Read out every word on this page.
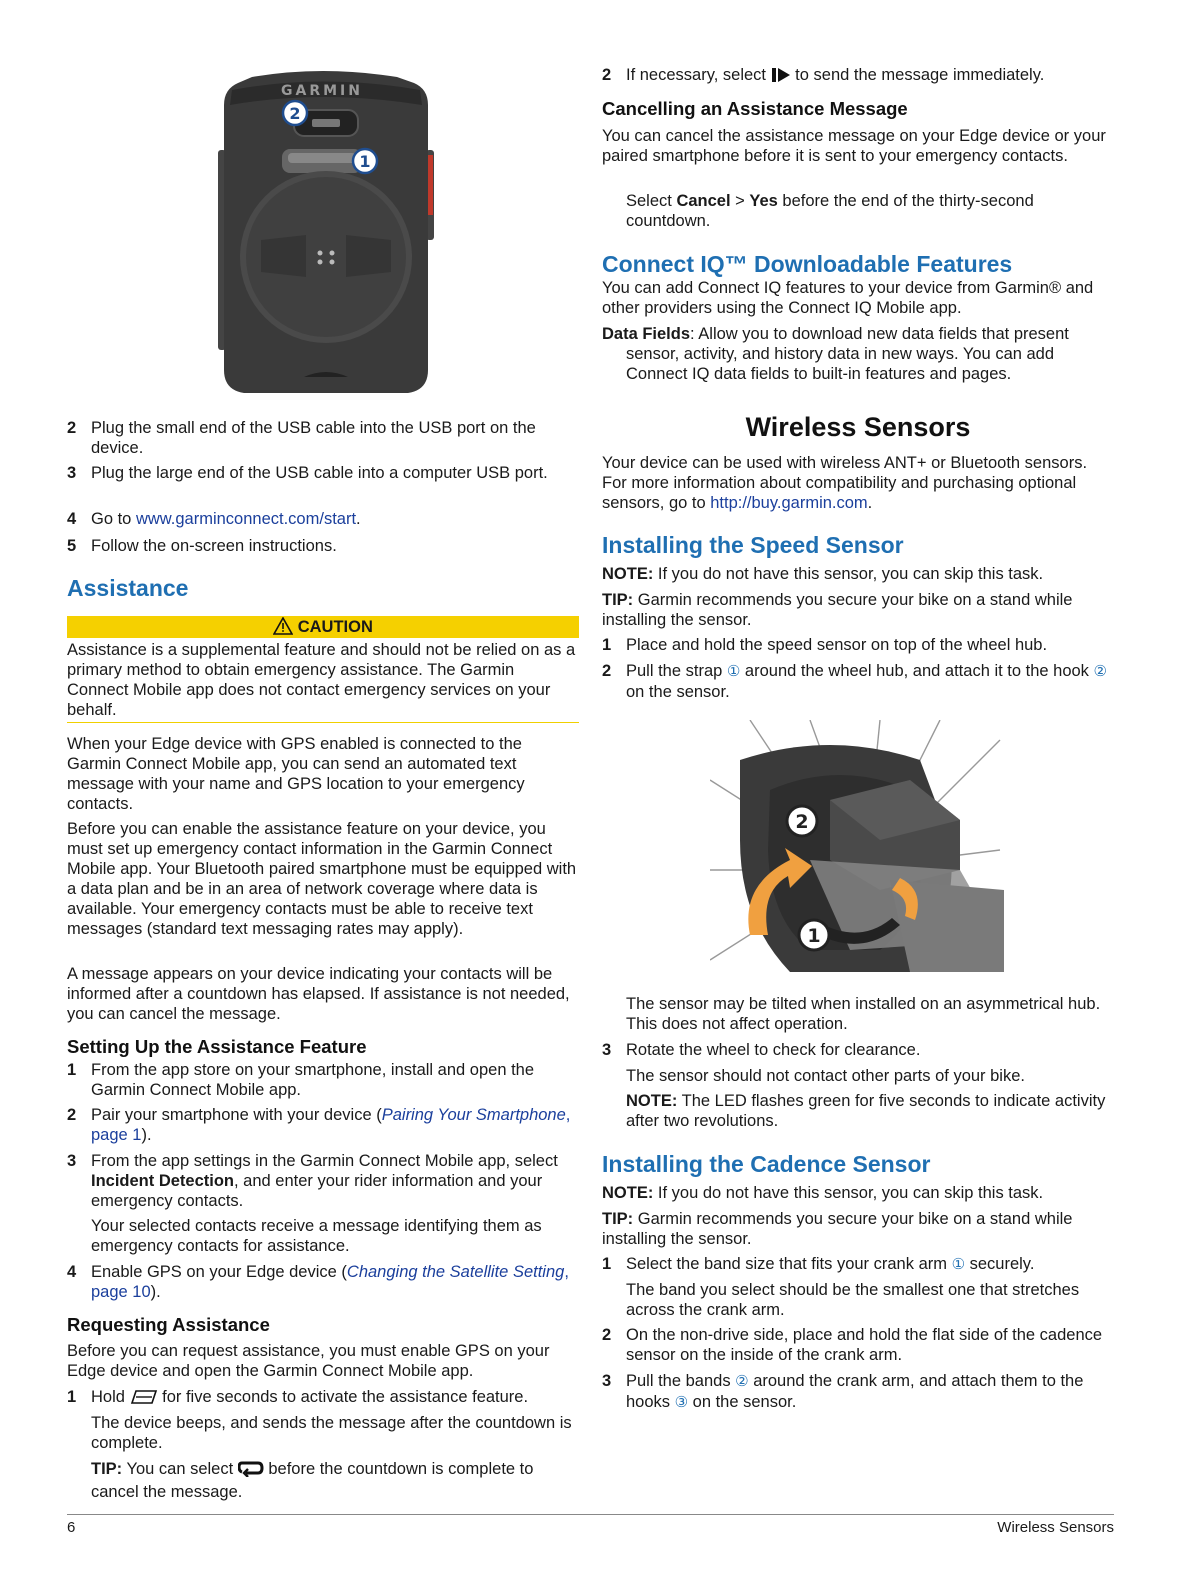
GARMIN
2
1
2 Plug the small end of the USB cable into the USB port on the device.
3 Plug the large end of the USB cable into a computer USB port.
4 Go to www.garminconnect.com/start.
5 Follow the on-screen instructions.
Assistance
CAUTION
Assistance is a supplemental feature and should not be relied on as a primary method to obtain emergency assistance. The Garmin Connect Mobile app does not contact emergency services on your behalf.
When your Edge device with GPS enabled is connected to the Garmin Connect Mobile app, you can send an automated text message with your name and GPS location to your emergency contacts.
Before you can enable the assistance feature on your device, you must set up emergency contact information in the Garmin Connect Mobile app. Your Bluetooth paired smartphone must be equipped with a data plan and be in an area of network coverage where data is available. Your emergency contacts must be able to receive text messages (standard text messaging rates may apply).
A message appears on your device indicating your contacts will be informed after a countdown has elapsed. If assistance is not needed, you can cancel the message.
Setting Up the Assistance Feature
1 From the app store on your smartphone, install and open the Garmin Connect Mobile app.
2 Pair your smartphone with your device (Pairing Your Smartphone, page 1).
3 From the app settings in the Garmin Connect Mobile app, select Incident Detection, and enter your rider information and your emergency contacts.
Your selected contacts receive a message identifying them as emergency contacts for assistance.
4 Enable GPS on your Edge device (Changing the Satellite Setting, page 10).
Requesting Assistance
Before you can request assistance, you must enable GPS on your Edge device and open the Garmin Connect Mobile app.
1 Hold  for five seconds to activate the assistance feature.
The device beeps, and sends the message after the countdown is complete.
TIP: You can select  before the countdown is complete to cancel the message.
2 If necessary, select  to send the message immediately.
Cancelling an Assistance Message
You can cancel the assistance message on your Edge device or your paired smartphone before it is sent to your emergency contacts.
Select Cancel > Yes before the end of the thirty-second countdown.
Connect IQ™ Downloadable Features
You can add Connect IQ features to your device from Garmin® and other providers using the Connect IQ Mobile app.
Data Fields: Allow you to download new data fields that present sensor, activity, and history data in new ways. You can add Connect IQ data fields to built-in features and pages.
Wireless Sensors
Your device can be used with wireless ANT+ or Bluetooth sensors. For more information about compatibility and purchasing optional sensors, go to http://buy.garmin.com.
Installing the Speed Sensor
NOTE: If you do not have this sensor, you can skip this task.
TIP: Garmin recommends you secure your bike on a stand while installing the sensor.
1 Place and hold the speed sensor on top of the wheel hub.
2 Pull the strap ① around the wheel hub, and attach it to the hook ② on the sensor.
2
1
The sensor may be tilted when installed on an asymmetrical hub. This does not affect operation.
3 Rotate the wheel to check for clearance.
The sensor should not contact other parts of your bike.
NOTE: The LED flashes green for five seconds to indicate activity after two revolutions.
Installing the Cadence Sensor
NOTE: If you do not have this sensor, you can skip this task.
TIP: Garmin recommends you secure your bike on a stand while installing the sensor.
1 Select the band size that fits your crank arm ① securely.
The band you select should be the smallest one that stretches across the crank arm.
2 On the non-drive side, place and hold the flat side of the cadence sensor on the inside of the crank arm.
3 Pull the bands ② around the crank arm, and attach them to the hooks ③ on the sensor.
6	Wireless Sensors
